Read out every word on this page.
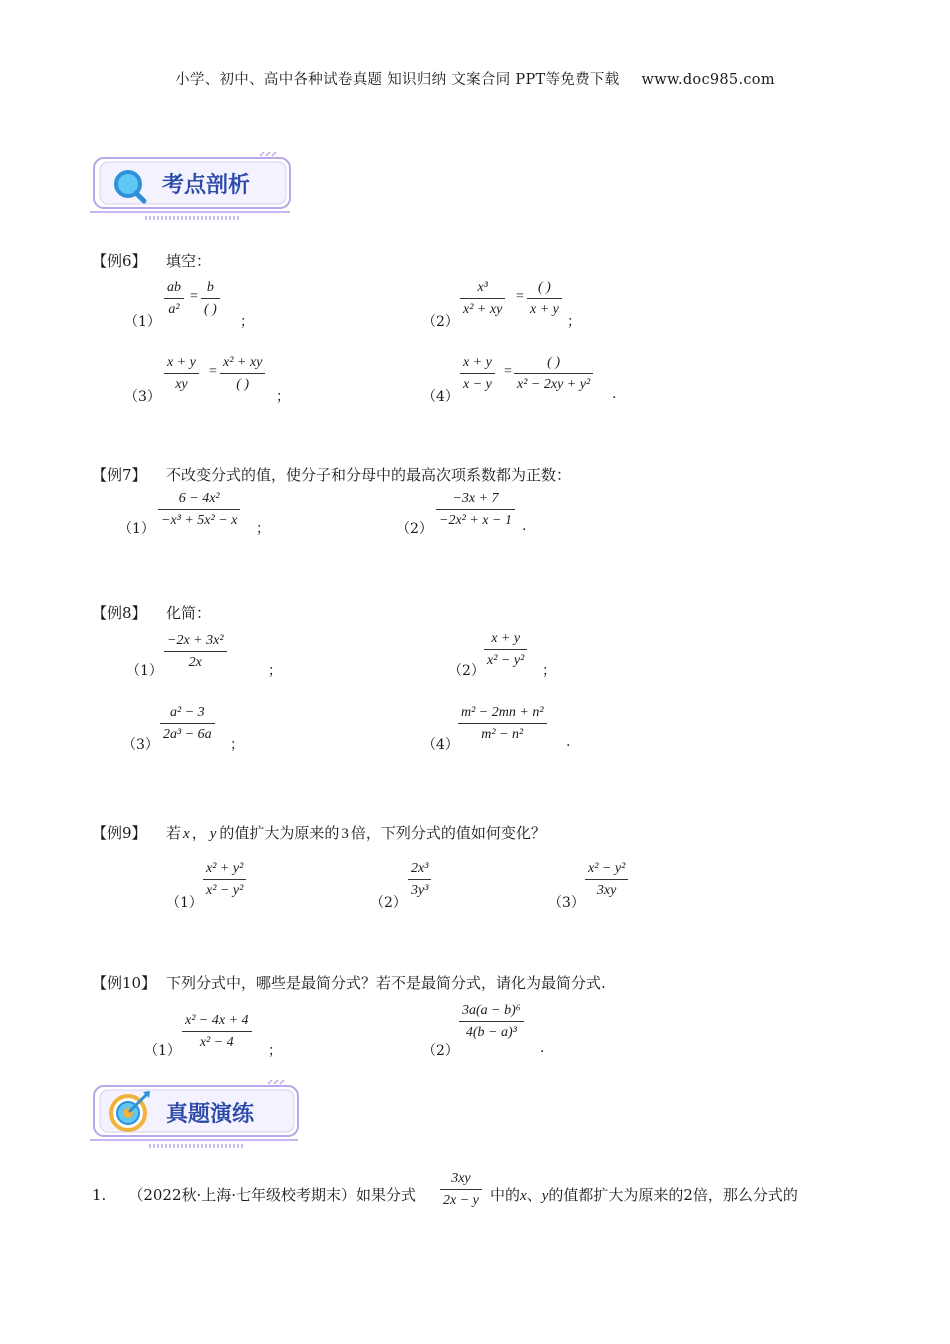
小学、初中、高中各种试卷真题 知识归纳 文案合同 PPT等免费下载 www.doc985.com
考点剖析
【例6】 填空：
（1）
ab
a²
=
b
( )
；	（2）
x³
x² + xy
=
( )
x + y
；
（3）
x + y
xy
=
x² + xy
( )
；	（4）
x + y
x − y
=
( )
x² − 2xy + y²
.
【例7】 不改变分式的值，使分子和分母中的最高次项系数都为正数：
（1）
6 − 4x²
−x³ + 5x² − x
；	（2）
−3x + 7
−2x² + x − 1 .
【例8】 化简：
（1）
−2x + 3x²
2x
；	（2）
x + y
x² − y²
；
（3）
a² − 3
2a³ − 6a
；	（4）
m² − 2mn + n²
m² − n²	.
【例9】 若 x ， y 的值扩大为原来的 3 倍，下列分式的值如何变化？
（1）
x² + y²
x² − y²
（2）
2x³
3y³
（3）
x² − y²
3xy
【例10】 下列分式中，哪些是最简分式？若不是最简分式，请化为最简分式.
（1）
x² − 4x + 4
x² − 4
；	（2）
3a(a − b)⁶
4(b − a)³
.
真题演练
1. （2022秋·上海·七年级校考期末）如果分式
3xy
2x − y 中的x、y的值都扩大为原来的2倍，那么分式的
